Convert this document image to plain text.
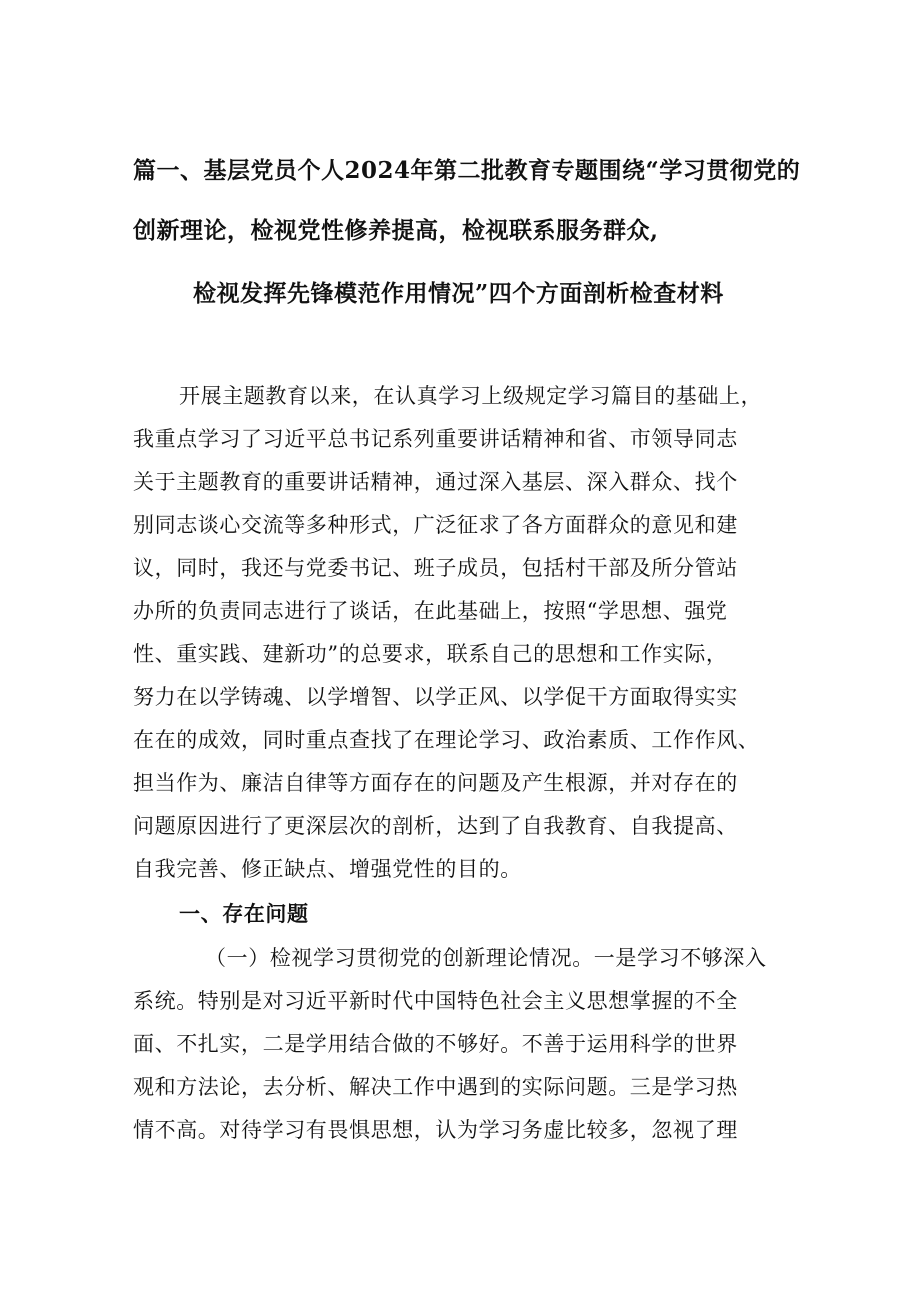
篇一、基层党员个人2024年第二批教育专题围绕“学习贯彻党的
创新理论，检视党性修养提高，检视联系服务群众,
检视发挥先锋模范作用情况”四个方面剖析检查材料
开展主题教育以来，在认真学习上级规定学习篇目的基础上，
我重点学习了习近平总书记系列重要讲话精神和省、市领导同志
关于主题教育的重要讲话精神，通过深入基层、深入群众、找个
别同志谈心交流等多种形式，广泛征求了各方面群众的意见和建
议，同时，我还与党委书记、班子成员，包括村干部及所分管站
办所的负责同志进行了谈话，在此基础上，按照“学思想、强党
性、重实践、建新功”的总要求，联系自己的思想和工作实际，
努力在以学铸魂、以学增智、以学正风、以学促干方面取得实实
在在的成效，同时重点查找了在理论学习、政治素质、工作作风、
担当作为、廉洁自律等方面存在的问题及产生根源，并对存在的
问题原因进行了更深层次的剖析，达到了自我教育、自我提高、
自我完善、修正缺点、增强党性的目的。
一、存在问题
（一）检视学习贯彻党的创新理论情况。一是学习不够深入
系统。特别是对习近平新时代中国特色社会主义思想掌握的不全
面、不扎实，二是学用结合做的不够好。不善于运用科学的世界
观和方法论，去分析、解决工作中遇到的实际问题。三是学习热
情不高。对待学习有畏惧思想，认为学习务虚比较多，忽视了理
